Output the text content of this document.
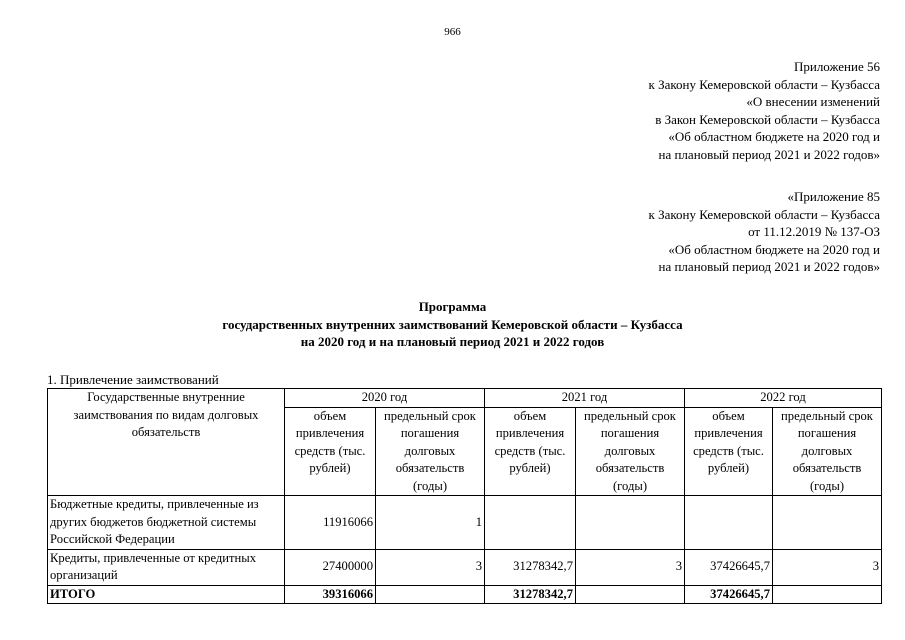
966
Приложение 56
к Закону Кемеровской области – Кузбасса
«О внесении изменений
в Закон Кемеровской области – Кузбасса
«Об областном бюджете на 2020 год и
на плановый период 2021 и 2022 годов»
«Приложение 85
к Закону Кемеровской области – Кузбасса
от 11.12.2019 № 137-ОЗ
«Об областном бюджете на 2020 год и
на плановый период 2021 и 2022 годов»
Программа
государственных внутренних заимствований Кемеровской области – Кузбасса
на 2020 год и на плановый период 2021 и 2022 годов
1. Привлечение заимствований
Государственные внутренние заимствования по видам долговых обязательств	2020 год		2021 год		2022 год	
	объем привлечения средств (тыс. рублей)	предельный срок погашения долговых обязательств (годы)	объем привлечения средств (тыс. рублей)	предельный срок погашения долговых обязательств (годы)	объем привлечения средств (тыс. рублей)	предельный срок погашения долговых обязательств (годы)
Бюджетные кредиты, привлеченные из других бюджетов бюджетной системы Российской Федерации	11916066	1				
Кредиты, привлеченные от кредитных организаций	27400000	3	31278342,7	3	37426645,7	3
ИТОГО	39316066		31278342,7		37426645,7	
